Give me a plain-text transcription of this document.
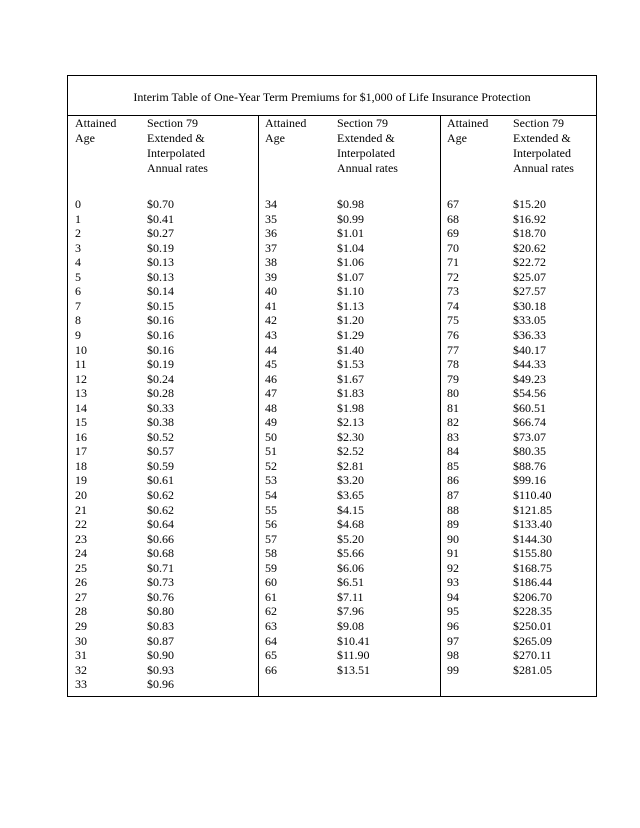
Interim Table of One-Year Term Premiums for $1,000 of Life Insurance Protection
Attained
Age
Section 79
Extended &
Interpolated
Annual rates
0	$0.70
1	$0.41
2	$0.27
3	$0.19
4	$0.13
5	$0.13
6	$0.14
7	$0.15
8	$0.16
9	$0.16
10	$0.16
11	$0.19
12	$0.24
13	$0.28
14	$0.33
15	$0.38
16	$0.52
17	$0.57
18	$0.59
19	$0.61
20	$0.62
21	$0.62
22	$0.64
23	$0.66
24	$0.68
25	$0.71
26	$0.73
27	$0.76
28	$0.80
29	$0.83
30	$0.87
31	$0.90
32	$0.93
33	$0.96
Attained
Age
Section 79
Extended &
Interpolated
Annual rates
34	$0.98
35	$0.99
36	$1.01
37	$1.04
38	$1.06
39	$1.07
40	$1.10
41	$1.13
42	$1.20
43	$1.29
44	$1.40
45	$1.53
46	$1.67
47	$1.83
48	$1.98
49	$2.13
50	$2.30
51	$2.52
52	$2.81
53	$3.20
54	$3.65
55	$4.15
56	$4.68
57	$5.20
58	$5.66
59	$6.06
60	$6.51
61	$7.11
62	$7.96
63	$9.08
64	$10.41
65	$11.90
66	$13.51
Attained
Age
Section 79
Extended &
Interpolated
Annual rates
67	$15.20
68	$16.92
69	$18.70
70	$20.62
71	$22.72
72	$25.07
73	$27.57
74	$30.18
75	$33.05
76	$36.33
77	$40.17
78	$44.33
79	$49.23
80	$54.56
81	$60.51
82	$66.74
83	$73.07
84	$80.35
85	$88.76
86	$99.16
87	$110.40
88	$121.85
89	$133.40
90	$144.30
91	$155.80
92	$168.75
93	$186.44
94	$206.70
95	$228.35
96	$250.01
97	$265.09
98	$270.11
99	$281.05
